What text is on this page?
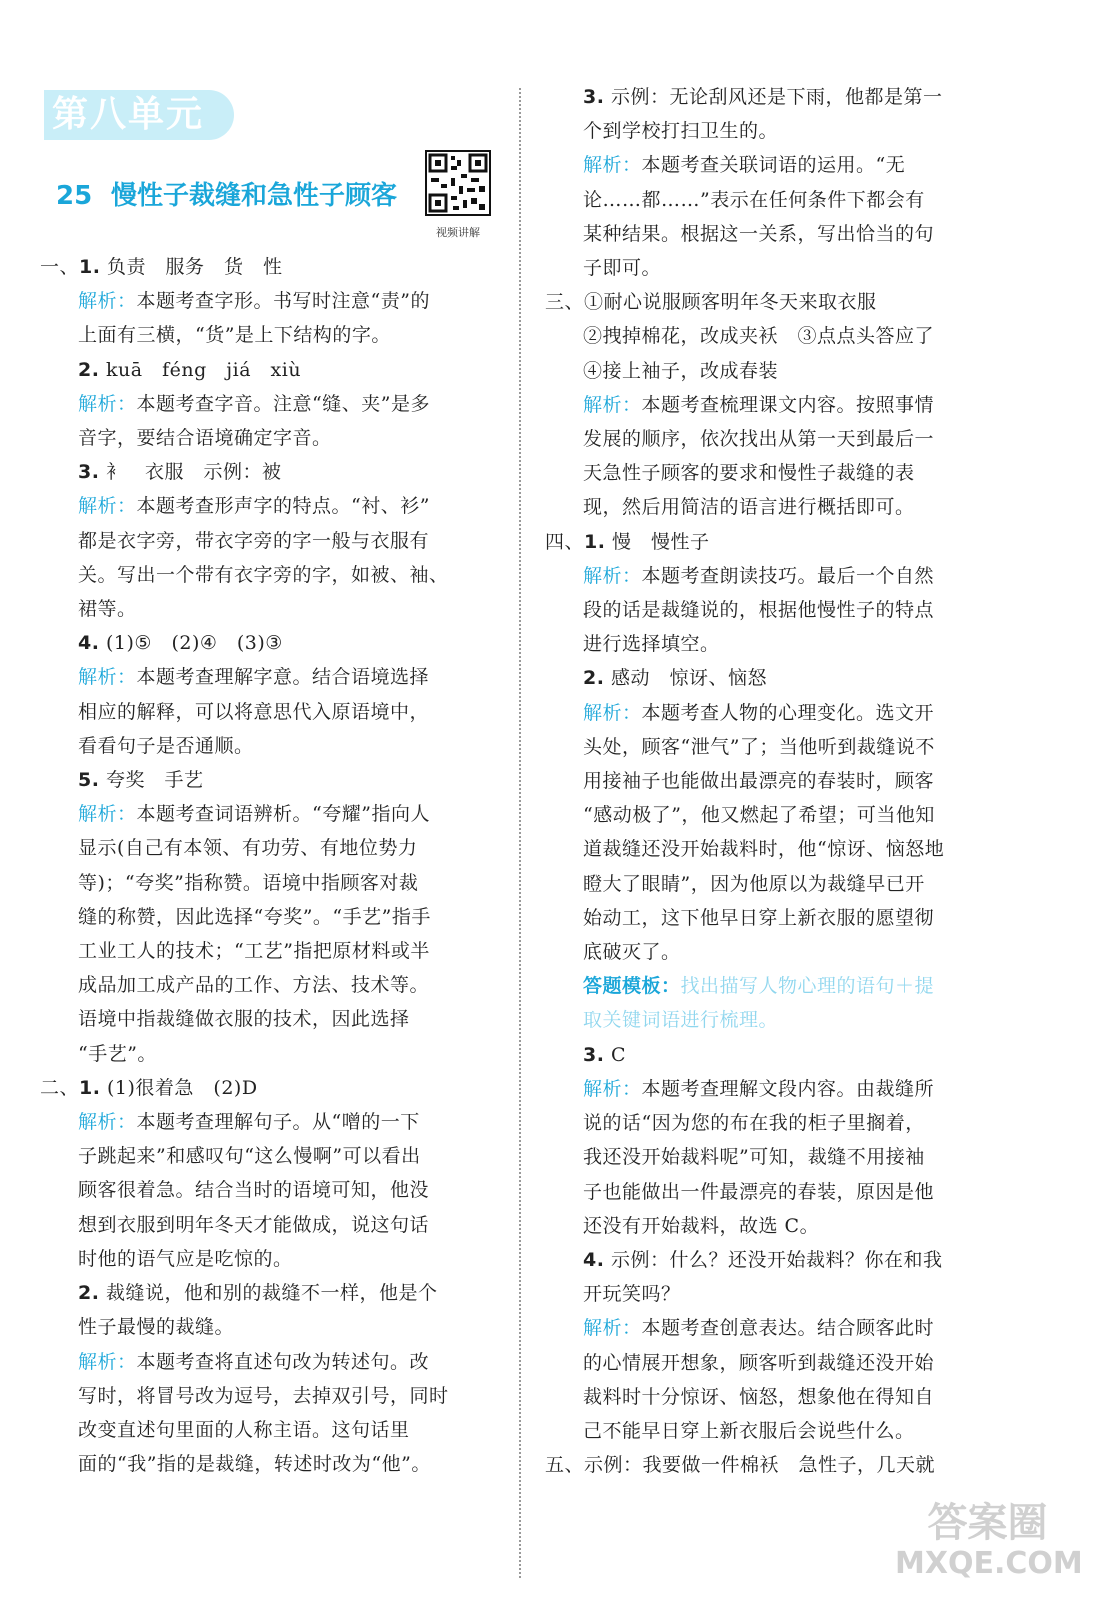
第八单元
25 慢性子裁缝和急性子顾客
视频讲解
一、1. 负责　服务　货　性
解析：本题考查字形。书写时注意“责”的
上面有三横，“货”是上下结构的字。
2. kuā　féng　jiá　xiù
解析：本题考查字音。注意“缝、夹”是多
音字，要结合语境确定字音。
3. 衤　衣服　示例：被
解析：本题考查形声字的特点。“衬、衫”
都是衣字旁，带衣字旁的字一般与衣服有
关。写出一个带有衣字旁的字，如被、袖、
裙等。
4. (1)⑤　(2)④　(3)③
解析：本题考查理解字意。结合语境选择
相应的解释，可以将意思代入原语境中，
看看句子是否通顺。
5. 夸奖　手艺
解析：本题考查词语辨析。“夸耀”指向人
显示(自己有本领、有功劳、有地位势力
等)；“夸奖”指称赞。语境中指顾客对裁
缝的称赞，因此选择“夸奖”。“手艺”指手
工业工人的技术；“工艺”指把原材料或半
成品加工成产品的工作、方法、技术等。
语境中指裁缝做衣服的技术，因此选择
“手艺”。
二、1. (1)很着急　(2)D
解析：本题考查理解句子。从“噌的一下
子跳起来”和感叹句“这么慢啊”可以看出
顾客很着急。结合当时的语境可知，他没
想到衣服到明年冬天才能做成，说这句话
时他的语气应是吃惊的。
2. 裁缝说，他和别的裁缝不一样，他是个
性子最慢的裁缝。
解析：本题考查将直述句改为转述句。改
写时，将冒号改为逗号，去掉双引号，同时
改变直述句里面的人称主语。这句话里
面的“我”指的是裁缝，转述时改为“他”。
3. 示例：无论刮风还是下雨，他都是第一
个到学校打扫卫生的。
解析：本题考查关联词语的运用。“无
论……都……”表示在任何条件下都会有
某种结果。根据这一关系，写出恰当的句
子即可。
三、①耐心说服顾客明年冬天来取衣服
②拽掉棉花，改成夹袄　③点点头答应了
④接上袖子，改成春装
解析：本题考查梳理课文内容。按照事情
发展的顺序，依次找出从第一天到最后一
天急性子顾客的要求和慢性子裁缝的表
现，然后用简洁的语言进行概括即可。
四、1. 慢　慢性子
解析：本题考查朗读技巧。最后一个自然
段的话是裁缝说的，根据他慢性子的特点
进行选择填空。
2. 感动　惊讶、恼怒
解析：本题考查人物的心理变化。选文开
头处，顾客“泄气”了；当他听到裁缝说不
用接袖子也能做出最漂亮的春装时，顾客
“感动极了”，他又燃起了希望；可当他知
道裁缝还没开始裁料时，他“惊讶、恼怒地
瞪大了眼睛”，因为他原以为裁缝早已开
始动工，这下他早日穿上新衣服的愿望彻
底破灭了。
答题模板：找出描写人物心理的语句＋提
取关键词语进行梳理。
3. C
解析：本题考查理解文段内容。由裁缝所
说的话“因为您的布在我的柜子里搁着，
我还没开始裁料呢”可知，裁缝不用接袖
子也能做出一件最漂亮的春装，原因是他
还没有开始裁料，故选 C。
4. 示例：什么？还没开始裁料？你在和我
开玩笑吗？
解析：本题考查创意表达。结合顾客此时
的心情展开想象，顾客听到裁缝还没开始
裁料时十分惊讶、恼怒，想象他在得知自
己不能早日穿上新衣服后会说些什么。
五、示例：我要做一件棉袄　急性子，几天就
答案圈
MXQE.COM
